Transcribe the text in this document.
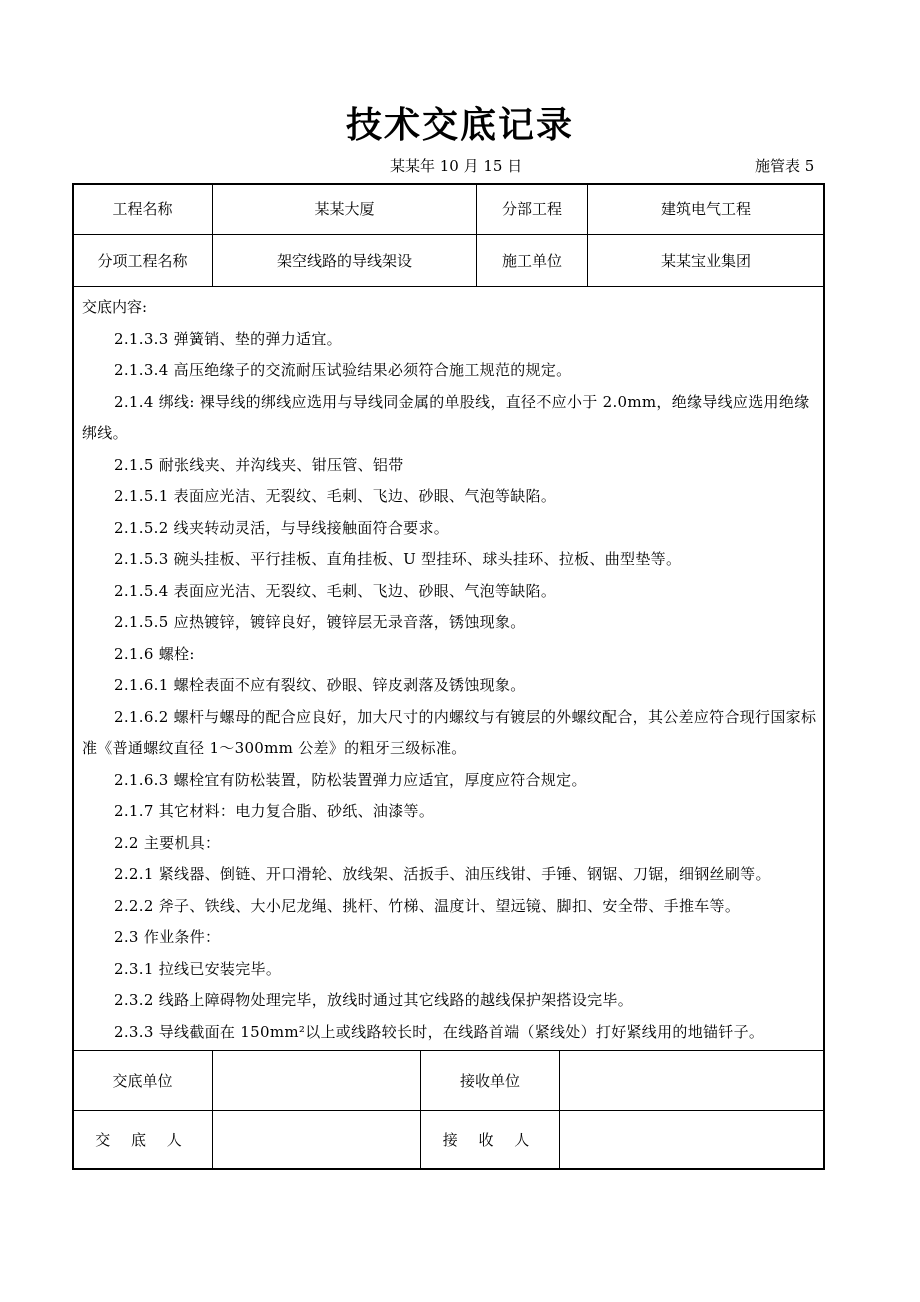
技术交底记录
某某年 10 月 15 日	施管表 5
工程名称	某某大厦	分部工程	建筑电气工程
分项工程名称	架空线路的导线架设	施工单位	某某宝业集团
交底内容:

2.1.3.3 弹簧销、垫的弹力适宜。

2.1.3.4 高压绝缘子的交流耐压试验结果必须符合施工规范的规定。

2.1.4 绑线: 裸导线的绑线应选用与导线同金属的单股线，直径不应小于 2.0mm，绝缘导线应选用绝缘绑线。

2.1.5 耐张线夹、并沟线夹、钳压管、铝带

2.1.5.1 表面应光洁、无裂纹、毛刺、飞边、砂眼、气泡等缺陷。

2.1.5.2 线夹转动灵活，与导线接触面符合要求。

2.1.5.3 碗头挂板、平行挂板、直角挂板、U 型挂环、球头挂环、拉板、曲型垫等。

2.1.5.4 表面应光洁、无裂纹、毛刺、飞边、砂眼、气泡等缺陷。

2.1.5.5 应热镀锌，镀锌良好，镀锌层无录音落，锈蚀现象。

2.1.6 螺栓:

2.1.6.1 螺栓表面不应有裂纹、砂眼、锌皮剥落及锈蚀现象。

2.1.6.2 螺杆与螺母的配合应良好，加大尺寸的内螺纹与有镀层的外螺纹配合，其公差应符合现行国家标准《普通螺纹直径 1～300mm 公差》的粗牙三级标准。

2.1.6.3 螺栓宜有防松装置，防松装置弹力应适宜，厚度应符合规定。

2.1.7 其它材料：电力复合脂、砂纸、油漆等。

2.2 主要机具：

2.2.1 紧线器、倒链、开口滑轮、放线架、活扳手、油压线钳、手锤、钢锯、刀锯，细钢丝刷等。

2.2.2 斧子、铁线、大小尼龙绳、挑杆、竹梯、温度计、望远镜、脚扣、安全带、手推车等。

2.3 作业条件：

2.3.1 拉线已安装完毕。

2.3.2 线路上障碍物处理完毕，放线时通过其它线路的越线保护架搭设完毕。

2.3.3 导线截面在 150mm²以上或线路较长时，在线路首端（紧线处）打好紧线用的地锚钎子。

交底单位	接收单位
交 底 人	接 收 人
